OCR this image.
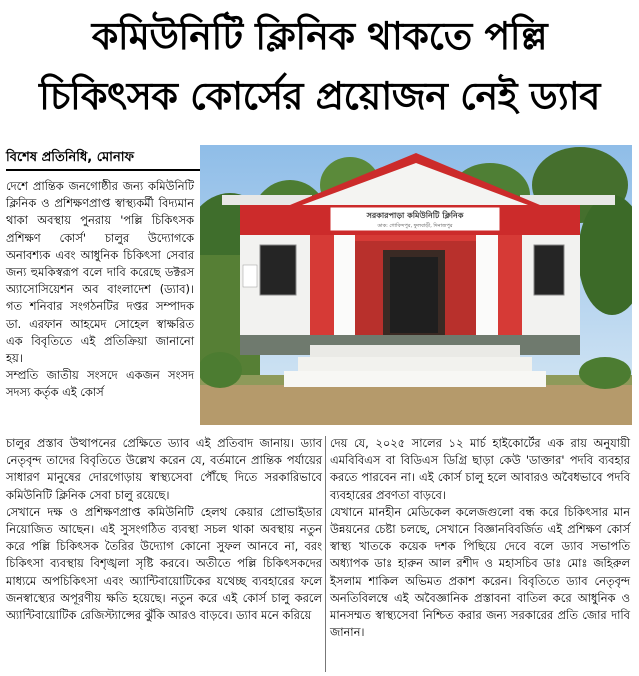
কমিউনিটি ক্লিনিক থাকতে পল্লি
চিকিৎসক কোর্সের প্রয়োজন নেই ড্যাব
বিশেষ প্রতিনিধি, মোনাফ
সরকারপাড়া কমিউনিটি ক্লিনিক
ডাক: গোবিন্দপুর, ফুলবাড়ী, দিনাজপুর

দেশে প্রান্তিক জনগোষ্ঠীর জন্য কমিউনিটি ক্লিনিক ও প্রশিক্ষণপ্রাপ্ত স্বাস্থ্যকর্মী বিদ্যমান থাকা অবস্থায় পুনরায় 'পল্লি চিকিৎসক প্রশিক্ষণ কোর্স' চালুর উদ্যোগকে অনাবশ্যক এবং আধুনিক চিকিৎসা সেবার জন্য হুমকিস্বরূপ বলে দাবি করেছে ডক্টরস অ্যাসোসিয়েশন অব বাংলাদেশ (ড্যাব)। গত শনিবার সংগঠনটির দপ্তর সম্পাদক ডা. এরফান আহমেদ সোহেল স্বাক্ষরিত এক বিবৃতিতে এই প্রতিক্রিয়া জানানো হয়।

সম্প্রতি জাতীয় সংসদে একজন সংসদ সদস্য কর্তৃক এই কোর্স

চালুর প্রস্তাব উত্থাপনের প্রেক্ষিতে ড্যাব এই প্রতিবাদ জানায়। ড্যাব নেতৃবৃন্দ তাদের বিবৃতিতে উল্লেখ করেন যে, বর্তমানে প্রান্তিক পর্যায়ের সাধারণ মানুষের দোরগোড়ায় স্বাস্থ্যসেবা পৌঁছে দিতে সরকারিভাবে কমিউনিটি ক্লিনিক সেবা চালু রয়েছে।

সেখানে দক্ষ ও প্রশিক্ষণপ্রাপ্ত কমিউনিটি হেলথ কেয়ার প্রোভাইডার নিয়োজিত আছেন। এই সুসংগঠিত ব্যবস্থা সচল থাকা অবস্থায় নতুন করে পল্লি চিকিৎসক তৈরির উদ্যোগ কোনো সুফল আনবে না, বরং চিকিৎসা ব্যবস্থায় বিশৃঙ্খলা সৃষ্টি করবে। অতীতে পল্লি চিকিৎসকদের মাধ্যমে অপচিকিৎসা এবং অ্যান্টিবায়োটিকের যথেচ্ছ ব্যবহারের ফলে জনস্বাস্থ্যের অপূরণীয় ক্ষতি হয়েছে। নতুন করে এই কোর্স চালু করলে অ্যান্টিবায়োটিক রেজিস্ট্যান্সের ঝুঁকি আরও বাড়বে। ড্যাব মনে করিয়ে

দেয় যে, ২০২৫ সালের ১২ মার্চ হাইকোর্টের এক রায় অনুযায়ী এমবিবিএস বা বিডিএস ডিগ্রি ছাড়া কেউ 'ডাক্তার' পদবি ব্যবহার করতে পারবেন না। এই কোর্স চালু হলে আবারও অবৈধভাবে পদবি ব্যবহারের প্রবণতা বাড়বে।

যেখানে মানহীন মেডিকেল কলেজগুলো বন্ধ করে চিকিৎসার মান উন্নয়নের চেষ্টা চলছে, সেখানে বিজ্ঞানবিবর্জিত এই প্রশিক্ষণ কোর্স স্বাস্থ্য খাতকে কয়েক দশক পিছিয়ে দেবে বলে ড্যাব সভাপতি অধ্যাপক ডাঃ হারুন আল রশীদ ও মহাসচিব ডাঃ মোঃ জহিরুল ইসলাম শাকিল অভিমত প্রকাশ করেন। বিবৃতিতে ড্যাব নেতৃবৃন্দ অনতিবিলম্বে এই অবৈজ্ঞানিক প্রস্তাবনা বাতিল করে আধুনিক ও মানসম্মত স্বাস্থ্যসেবা নিশ্চিত করার জন্য সরকারের প্রতি জোর দাবি জানান।
